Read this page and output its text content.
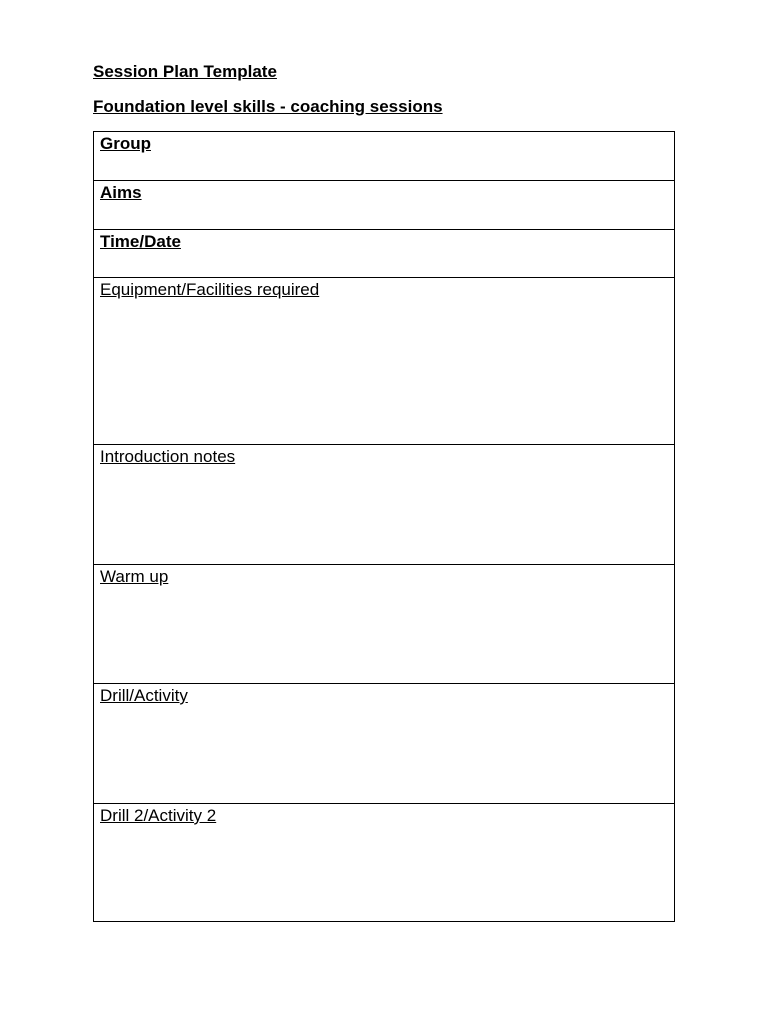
Session Plan Template
Foundation level skills - coaching sessions
Group
Aims
Time/Date
Equipment/Facilities required
Introduction notes
Warm up
Drill/Activity
Drill 2/Activity 2
